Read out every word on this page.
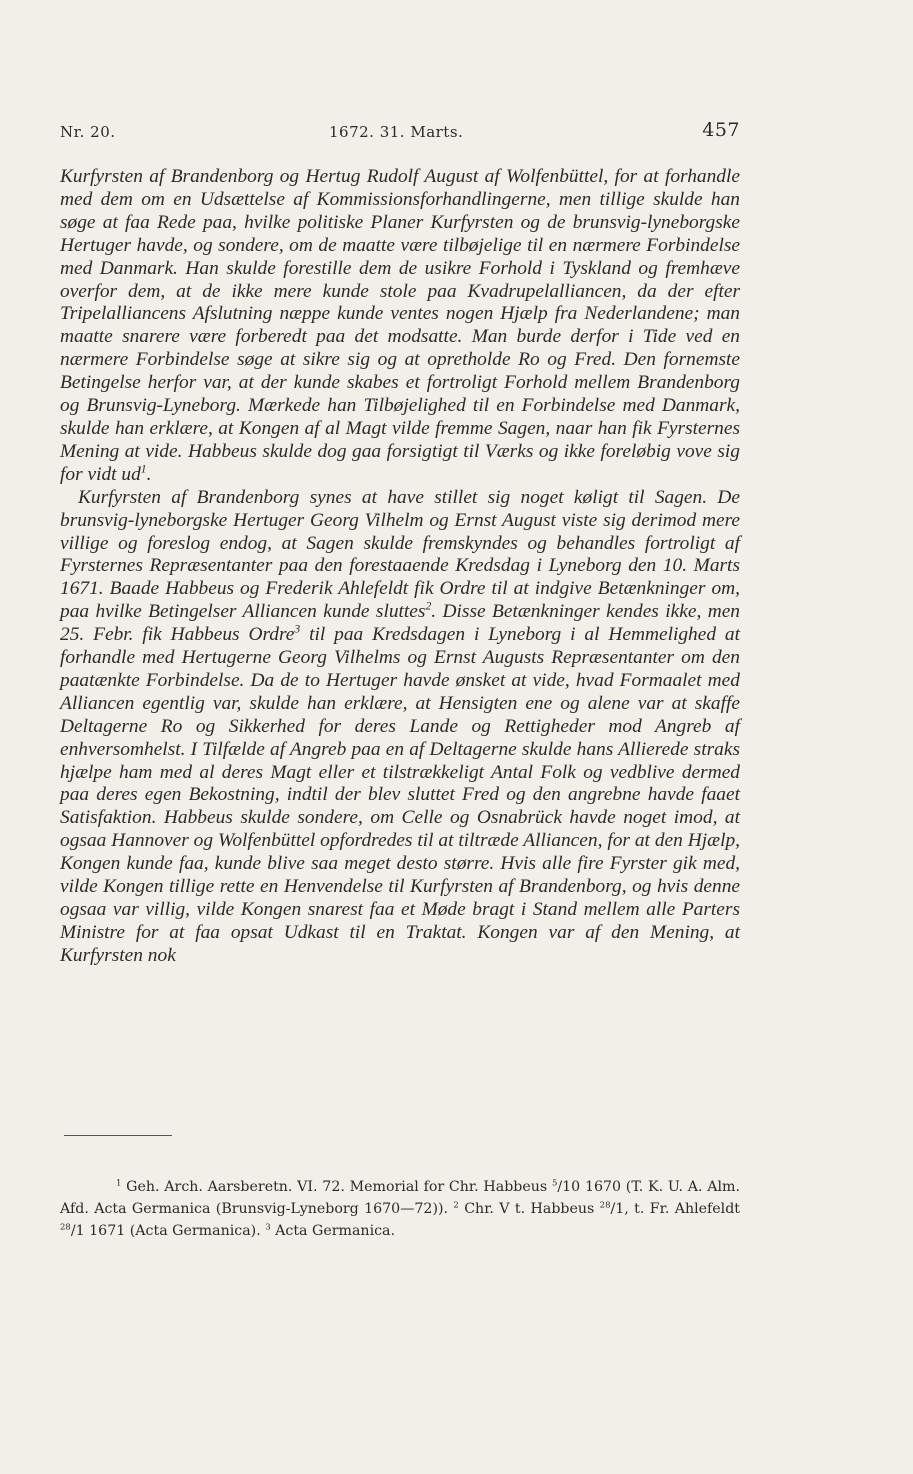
Nr. 20.	1672. 31. Marts.	457

Kurfyrsten af Brandenborg og Hertug Rudolf August af Wolfenbüttel, for at forhandle med dem om en Udsættelse af Kommissionsforhandlingerne, men tillige skulde han søge at faa Rede paa, hvilke politiske Planer Kurfyrsten og de brunsvig-lyneborgske Hertuger havde, og sondere, om de maatte være tilbøjelige til en nærmere Forbindelse med Danmark. Han skulde forestille dem de usikre Forhold i Tyskland og fremhæve overfor dem, at de ikke mere kunde stole paa Kvadrupelalliancen, da der efter Tripelalliancens Afslutning næppe kunde ventes nogen Hjælp fra Nederlandene; man maatte snarere være forberedt paa det modsatte. Man burde derfor i Tide ved en nærmere Forbindelse søge at sikre sig og at opretholde Ro og Fred. Den fornemste Betingelse herfor var, at der kunde skabes et fortroligt Forhold mellem Brandenborg og Brunsvig-Lyneborg. Mærkede han Tilbøjelighed til en Forbindelse med Danmark, skulde han erklære, at Kongen af al Magt vilde fremme Sagen, naar han fik Fyrsternes Mening at vide. Habbeus skulde dog gaa forsigtigt til Værks og ikke foreløbig vove sig for vidt $ud^1$.

Kurfyrsten af Brandenborg synes at have stillet sig noget køligt til Sagen. De brunsvig-lyneborgske Hertuger Georg Vilhelm og Ernst August viste sig derimod mere villige og foreslog endog, at Sagen skulde fremskyndes og behandles fortroligt af Fyrsternes Repræsentanter paa den forestaaende Kredsdag i Lyneborg den 10. Marts 1671. Baade Habbeus og Frederik Ahlefeldt fik Ordre til at indgive Betænkninger om, paa hvilke Betingelser Alliancen kunde sluttes$^2$. Disse Betænkninger kendes ikke, men 25. Febr. fik Habbeus Ordre$^3$ til paa Kredsdagen i Lyneborg i al Hemmelighed at forhandle med Hertugerne Georg Vilhelms og Ernst Augusts Repræsentanter om den paatænkte Forbindelse. Da de to Hertuger havde ønsket at vide, hvad Formaalet med Alliancen egentlig var, skulde han erklære, at Hensigten ene og alene var at skaffe Deltagerne Ro og Sikkerhed for deres Lande og Rettigheder mod Angreb af enhversomhelst. I Tilfælde af Angreb paa en af Deltagerne skulde hans Allierede straks hjælpe ham med al deres Magt eller et tilstrækkeligt Antal Folk og vedblive dermed paa deres egen Bekostning, indtil der blev sluttet Fred og den angrebne havde faaet Satisfaktion. Habbeus skulde sondere, om Celle og Osnabrück havde noget imod, at ogsaa Hannover og Wolfenbüttel opfordredes til at tiltræde Alliancen, for at den Hjælp, Kongen kunde faa, kunde blive saa meget desto større. Hvis alle fire Fyrster gik med, vilde Kongen tillige rette en Henvendelse til Kurfyrsten af Brandenborg, og hvis denne ogsaa var villig, vilde Kongen snarest faa et Møde bragt i Stand mellem alle Parters Ministre for at faa opsat Udkast til en Traktat. Kongen var af den Mening, at Kurfyrsten nok

$^1$ Geh. Arch. Aarsberetn. VI. 72. Memorial for Chr. Habbeus $^5$/10 1670 (T. K. U. A. Alm. Afd. Acta Germanica (Brunsvig-Lyneborg 1670—72)). $^2$ Chr. V t. Habbeus $^{28}$/1, t. Fr. Ahlefeldt $^{28}$/1 1671 (Acta Germanica). $^3$ Acta Germanica.
